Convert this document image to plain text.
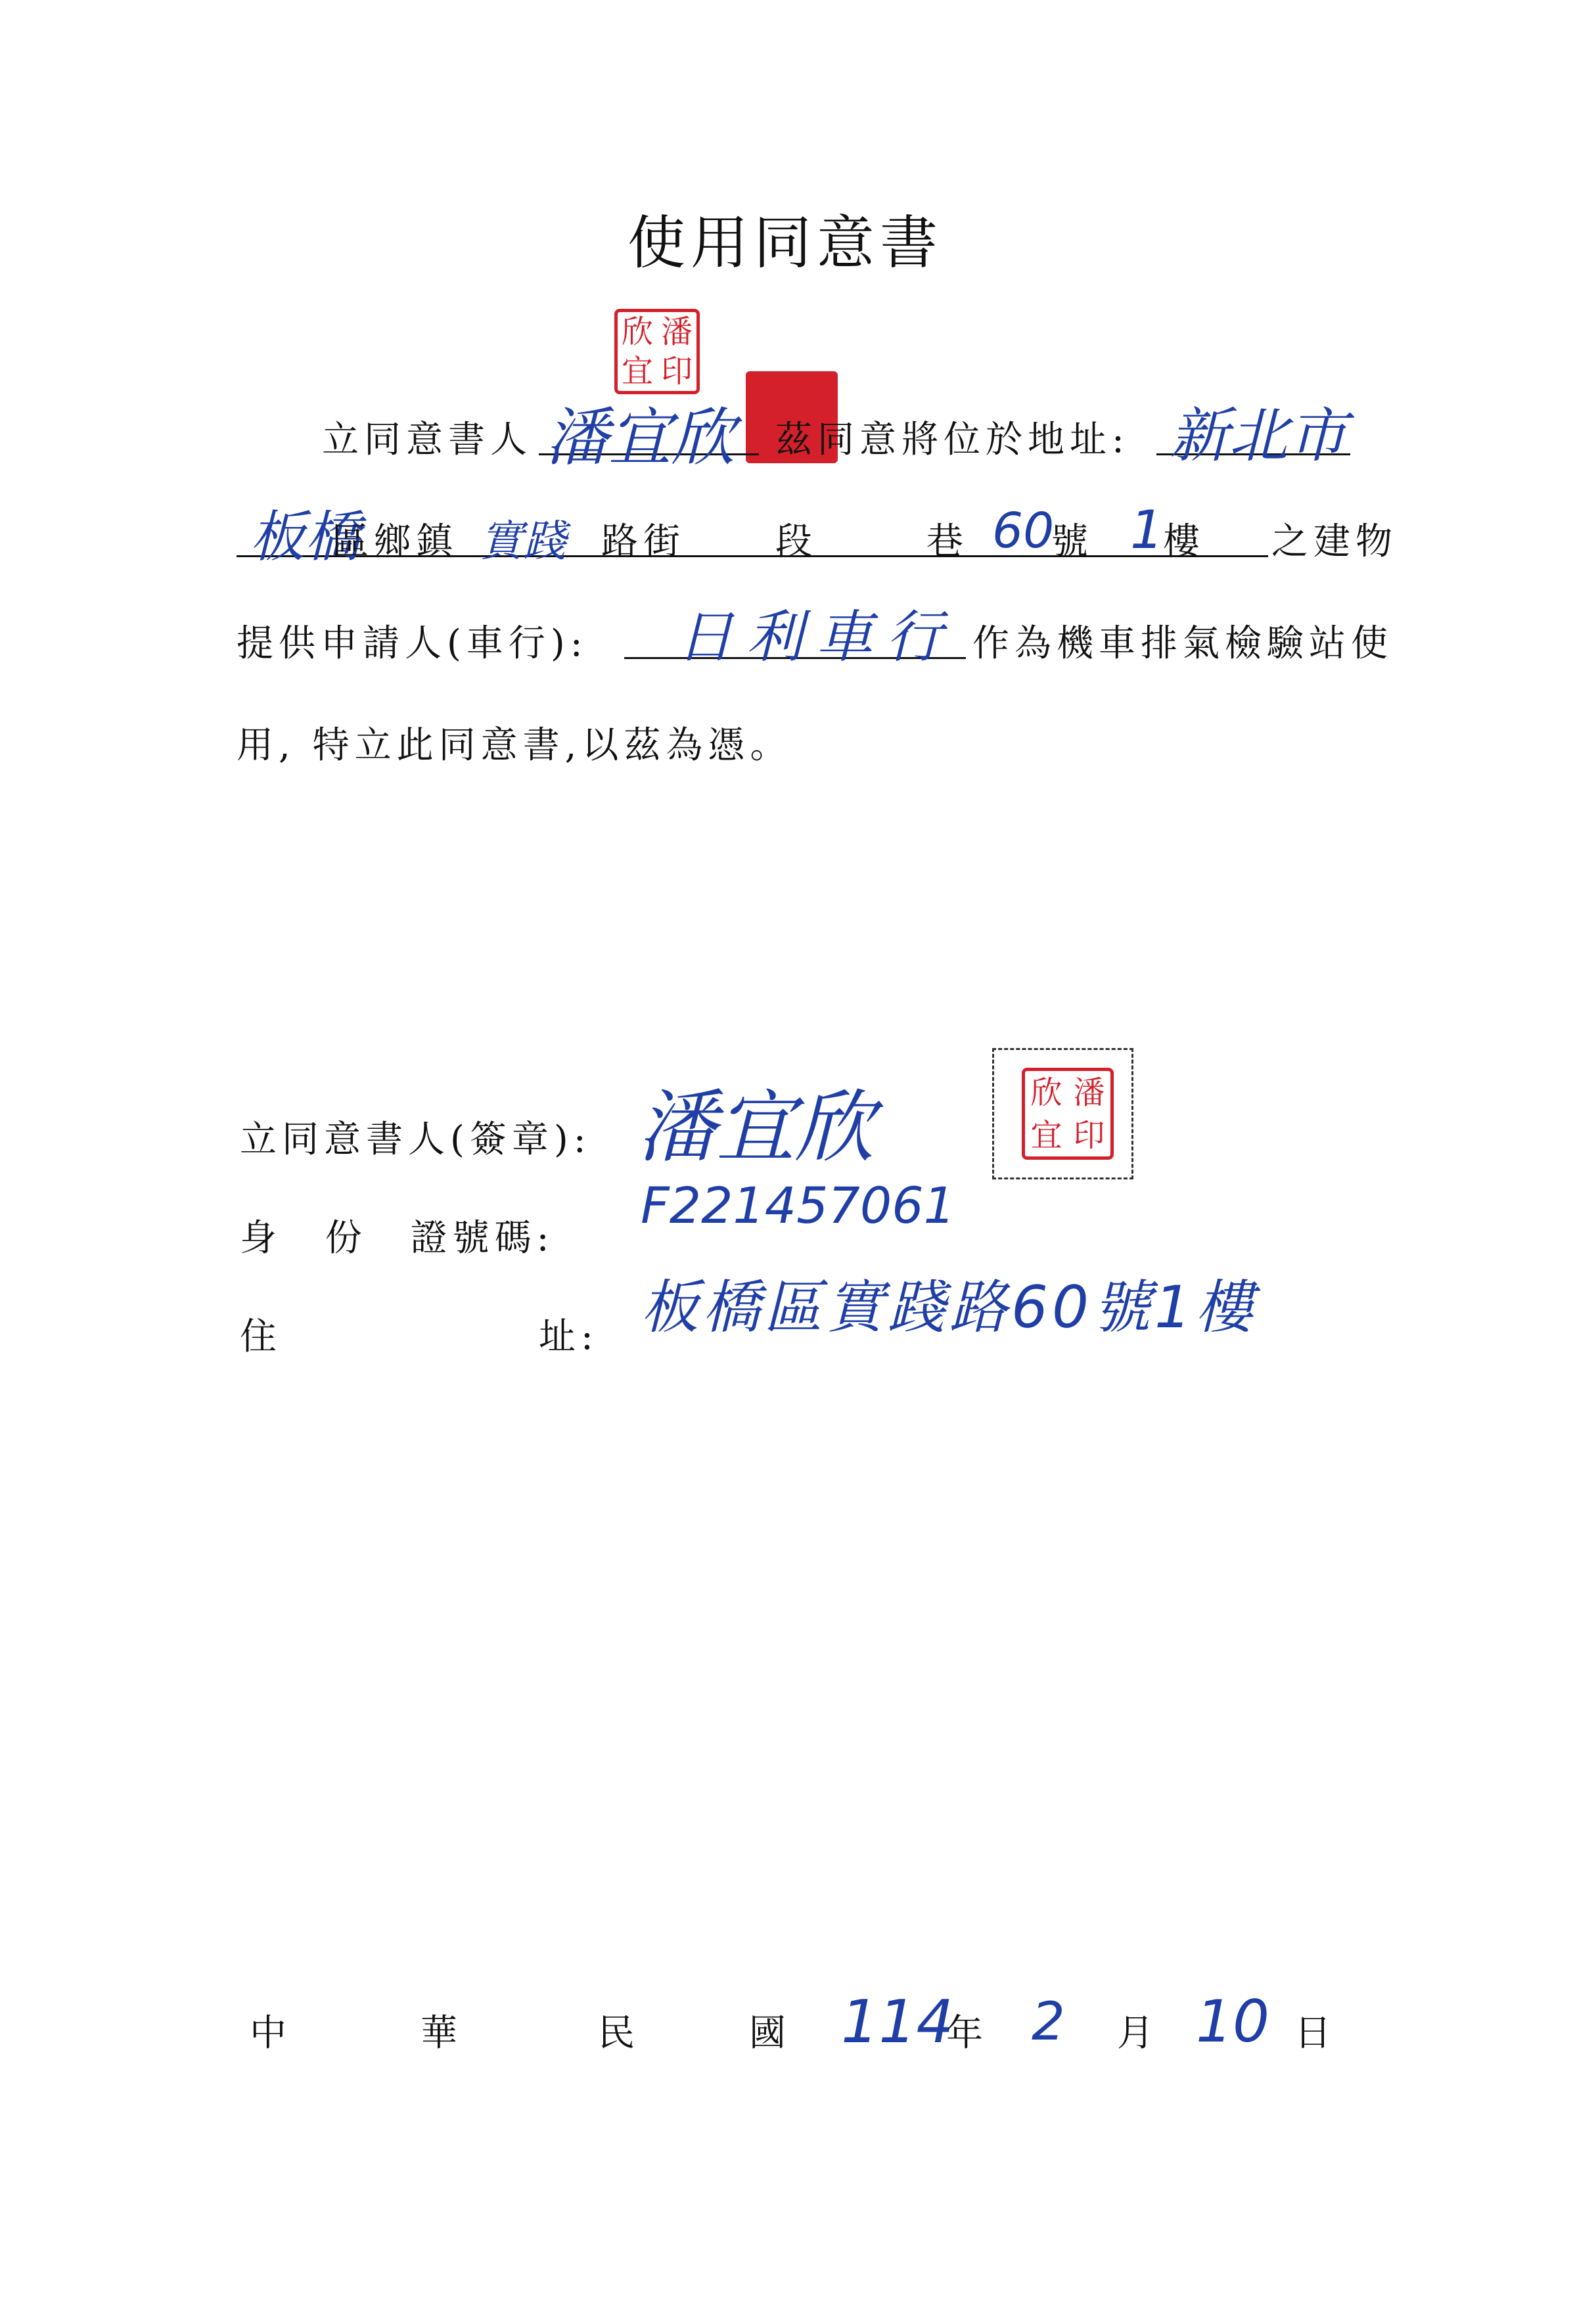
使用同意書
欣 潘
宜 印
立同意書人 潘宜欣 茲同意將位於地址: 新北市
板橋
區鄉鎮 實踐 路街 段	巷 60
號 1 樓 之建物
提供申請人(車行): 日利車行 作為機車排氣檢驗站使
用, 特立此同意書,以茲為憑。
立同意書人(簽章): 潘宜欣	欣 潘
宜 印
身 份 證號碼:
F221457061
住	址: 板橋區實踐路60號1樓
中	華	民	國 114
年 2 月 10 日
